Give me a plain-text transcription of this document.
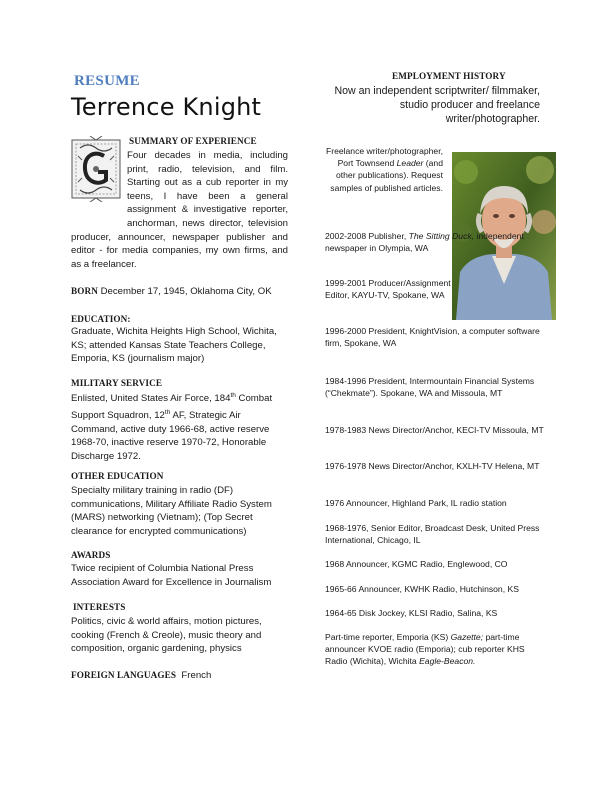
RESUME
Terrence Knight
SUMMARY OF EXPERIENCE
Four decades in media, including print, radio, television, and film. Starting out as a cub reporter in my teens, I have been a general assignment & investigative reporter, anchorman, news director, television producer, announcer, newspaper publisher and editor - for media companies, my own firms, and as a freelancer.
BORN December 17, 1945, Oklahoma City, OK
EDUCATION:
Graduate, Wichita Heights High School, Wichita, KS; attended Kansas State Teachers College, Emporia, KS (journalism major)
MILITARY SERVICE
Enlisted, United States Air Force, 184th Combat Support Squadron, 12th AF, Strategic Air Command, active duty 1966-68, active reserve 1968-70, inactive reserve 1970-72, Honorable Discharge 1972.
OTHER EDUCATION
Specialty military training in radio (DF) communications, Military Affiliate Radio System (MARS) networking (Vietnam); (Top Secret clearance for encrypted communications)
AWARDS
Twice recipient of Columbia National Press Association Award for Excellence in Journalism
INTERESTS
Politics, civic & world affairs, motion pictures, cooking (French & Creole), music theory and composition, organic gardening, physics
FOREIGN LANGUAGES French
EMPLOYMENT HISTORY
Now an independent scriptwriter/ filmmaker, studio producer and freelance writer/photographer.
Freelance writer/photographer, Port Townsend Leader (and other publications). Request samples of published articles.
2002-2008 Publisher, The Sitting Duck, independent newspaper in Olympia, WA
1999-2001 Producer/Assignment Editor, KAYU-TV, Spokane, WA
1996-2000 President, KnightVision, a computer software firm, Spokane, WA
1984-1996 President, Intermountain Financial Systems (“Chekmate”). Spokane, WA and Missoula, MT
1978-1983 News Director/Anchor, KECI-TV Missoula, MT
1976-1978 News Director/Anchor, KXLH-TV Helena, MT
1976 Announcer, Highland Park, IL radio station
1968-1976, Senior Editor, Broadcast Desk, United Press International, Chicago, IL
1968 Announcer, KGMC Radio, Englewood, CO
1965-66 Announcer, KWHK Radio, Hutchinson, KS
1964-65 Disk Jockey, KLSI Radio, Salina, KS
Part-time reporter, Emporia (KS) Gazette; part-time announcer KVOE radio (Emporia); cub reporter KHS Radio (Wichita), Wichita Eagle-Beacon.
